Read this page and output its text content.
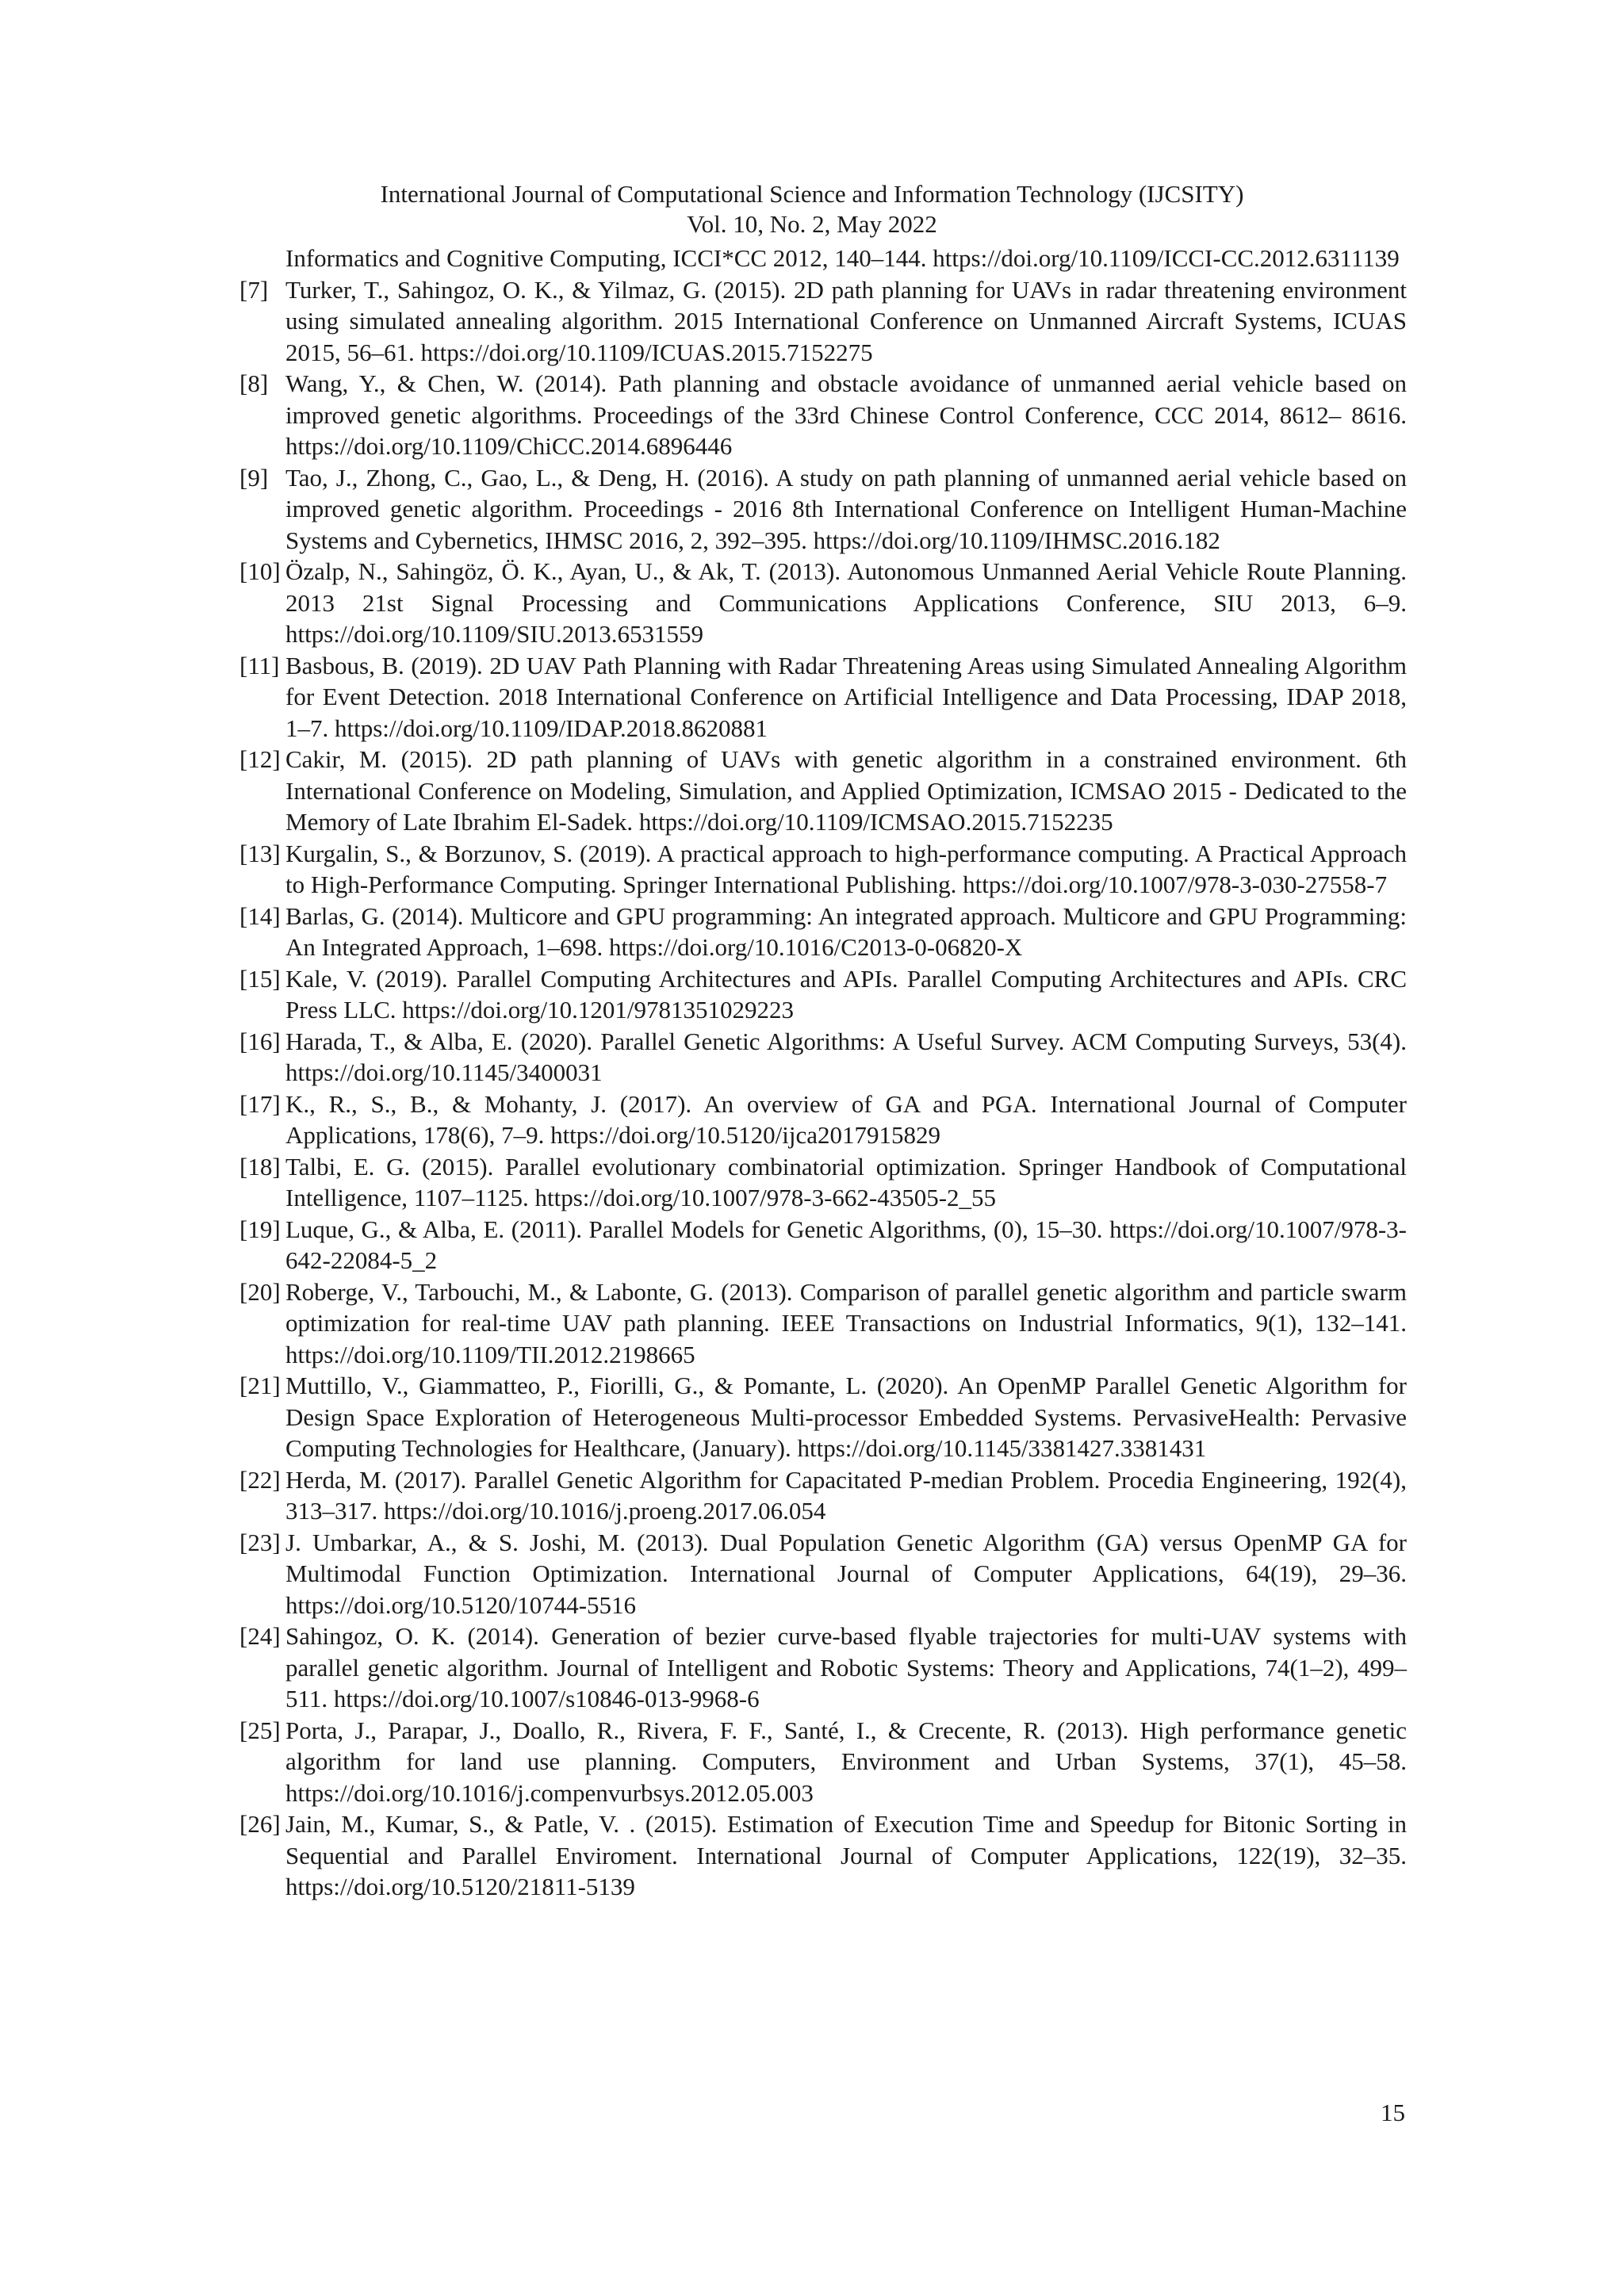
International Journal of Computational Science and Information Technology (IJCSITY)
Vol. 10, No. 2, May 2022

Informatics and Cognitive Computing, ICCI*CC 2012, 140–144. https://doi.org/10.1109/ICCI-CC.2012.6311139

[7] Turker, T., Sahingoz, O. K., & Yilmaz, G. (2015). 2D path planning for UAVs in radar threatening environment using simulated annealing algorithm. 2015 International Conference on Unmanned Aircraft Systems, ICUAS 2015, 56–61. https://doi.org/10.1109/ICUAS.2015.7152275

[8] Wang, Y., & Chen, W. (2014). Path planning and obstacle avoidance of unmanned aerial vehicle based on improved genetic algorithms. Proceedings of the 33rd Chinese Control Conference, CCC 2014, 8612– 8616. https://doi.org/10.1109/ChiCC.2014.6896446

[9] Tao, J., Zhong, C., Gao, L., & Deng, H. (2016). A study on path planning of unmanned aerial vehicle based on improved genetic algorithm. Proceedings - 2016 8th International Conference on Intelligent Human-Machine Systems and Cybernetics, IHMSC 2016, 2, 392–395. https://doi.org/10.1109/IHMSC.2016.182

[10] Özalp, N., Sahingöz, Ö. K., Ayan, U., & Ak, T. (2013). Autonomous Unmanned Aerial Vehicle Route Planning. 2013 21st Signal Processing and Communications Applications Conference, SIU 2013, 6–9. https://doi.org/10.1109/SIU.2013.6531559

[11] Basbous, B. (2019). 2D UAV Path Planning with Radar Threatening Areas using Simulated Annealing Algorithm for Event Detection. 2018 International Conference on Artificial Intelligence and Data Processing, IDAP 2018, 1–7. https://doi.org/10.1109/IDAP.2018.8620881

[12] Cakir, M. (2015). 2D path planning of UAVs with genetic algorithm in a constrained environment. 6th International Conference on Modeling, Simulation, and Applied Optimization, ICMSAO 2015 - Dedicated to the Memory of Late Ibrahim El-Sadek. https://doi.org/10.1109/ICMSAO.2015.7152235

[13] Kurgalin, S., & Borzunov, S. (2019). A practical approach to high-performance computing. A Practical Approach to High-Performance Computing. Springer International Publishing. https://doi.org/10.1007/978-3-030-27558-7

[14] Barlas, G. (2014). Multicore and GPU programming: An integrated approach. Multicore and GPU Programming: An Integrated Approach, 1–698. https://doi.org/10.1016/C2013-0-06820-X

[15] Kale, V. (2019). Parallel Computing Architectures and APIs. Parallel Computing Architectures and APIs. CRC Press LLC. https://doi.org/10.1201/9781351029223

[16] Harada, T., & Alba, E. (2020). Parallel Genetic Algorithms: A Useful Survey. ACM Computing Surveys, 53(4). https://doi.org/10.1145/3400031

[17] K., R., S., B., & Mohanty, J. (2017). An overview of GA and PGA. International Journal of Computer Applications, 178(6), 7–9. https://doi.org/10.5120/ijca2017915829

[18] Talbi, E. G. (2015). Parallel evolutionary combinatorial optimization. Springer Handbook of Computational Intelligence, 1107–1125. https://doi.org/10.1007/978-3-662-43505-2_55

[19] Luque, G., & Alba, E. (2011). Parallel Models for Genetic Algorithms, (0), 15–30. https://doi.org/10.1007/978-3-642-22084-5_2

[20] Roberge, V., Tarbouchi, M., & Labonte, G. (2013). Comparison of parallel genetic algorithm and particle swarm optimization for real-time UAV path planning. IEEE Transactions on Industrial Informatics, 9(1), 132–141. https://doi.org/10.1109/TII.2012.2198665

[21] Muttillo, V., Giammatteo, P., Fiorilli, G., & Pomante, L. (2020). An OpenMP Parallel Genetic Algorithm for Design Space Exploration of Heterogeneous Multi-processor Embedded Systems. PervasiveHealth: Pervasive Computing Technologies for Healthcare, (January). https://doi.org/10.1145/3381427.3381431

[22] Herda, M. (2017). Parallel Genetic Algorithm for Capacitated P-median Problem. Procedia Engineering, 192(4), 313–317. https://doi.org/10.1016/j.proeng.2017.06.054

[23] J. Umbarkar, A., & S. Joshi, M. (2013). Dual Population Genetic Algorithm (GA) versus OpenMP GA for Multimodal Function Optimization. International Journal of Computer Applications, 64(19), 29–36. https://doi.org/10.5120/10744-5516

[24] Sahingoz, O. K. (2014). Generation of bezier curve-based flyable trajectories for multi-UAV systems with parallel genetic algorithm. Journal of Intelligent and Robotic Systems: Theory and Applications, 74(1–2), 499–511. https://doi.org/10.1007/s10846-013-9968-6

[25] Porta, J., Parapar, J., Doallo, R., Rivera, F. F., Santé, I., & Crecente, R. (2013). High performance genetic algorithm for land use planning. Computers, Environment and Urban Systems, 37(1), 45–58. https://doi.org/10.1016/j.compenvurbsys.2012.05.003

[26] Jain, M., Kumar, S., & Patle, V. . (2015). Estimation of Execution Time and Speedup for Bitonic Sorting in Sequential and Parallel Enviroment. International Journal of Computer Applications, 122(19), 32–35. https://doi.org/10.5120/21811-5139

15
